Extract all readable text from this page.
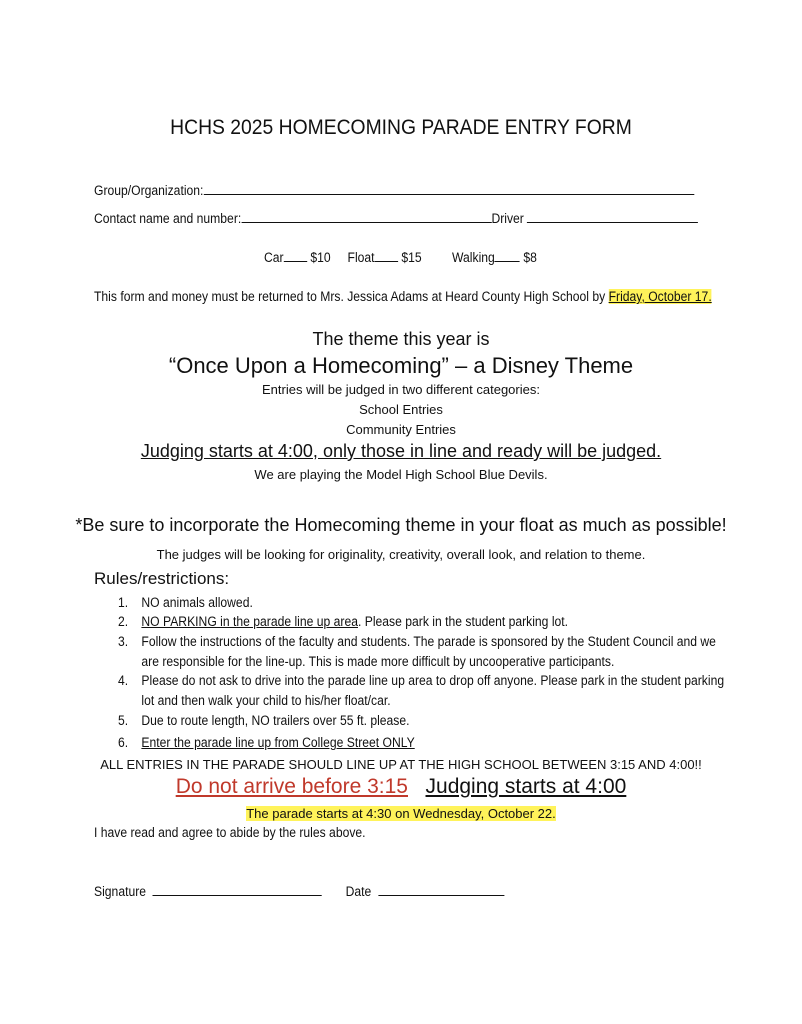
HCHS 2025 HOMECOMING PARADE ENTRY FORM
Group/Organization:
Contact name and number:	Driver
Car $10 Float $15 Walking $8
This form and money must be returned to Mrs. Jessica Adams at Heard County High School by Friday, October 17.
The theme this year is
“Once Upon a Homecoming” – a Disney Theme
Entries will be judged in two different categories:
School Entries
Community Entries
Judging starts at 4:00, only those in line and ready will be judged.
We are playing the Model High School Blue Devils.
*Be sure to incorporate the Homecoming theme in your float as much as possible!
The judges will be looking for originality, creativity, overall look, and relation to theme.
Rules/restrictions:
1. NO animals allowed.
2. NO PARKING in the parade line up area. Please park in the student parking lot.
3. Follow the instructions of the faculty and students. The parade is sponsored by the Student Council and we
are responsible for the line-up. This is made more difficult by uncooperative participants.
4. Please do not ask to drive into the parade line up area to drop off anyone. Please park in the student parking
lot and then walk your child to his/her float/car.
5. Due to route length, NO trailers over 55 ft. please.
6. Enter the parade line up from College Street ONLY
ALL ENTRIES IN THE PARADE SHOULD LINE UP AT THE HIGH SCHOOL BETWEEN 3:15 AND 4:00!!
Do not arrive before 3:15 Judging starts at 4:00
The parade starts at 4:30 on Wednesday, October 22.
I have read and agree to abide by the rules above.
Signature	Date
